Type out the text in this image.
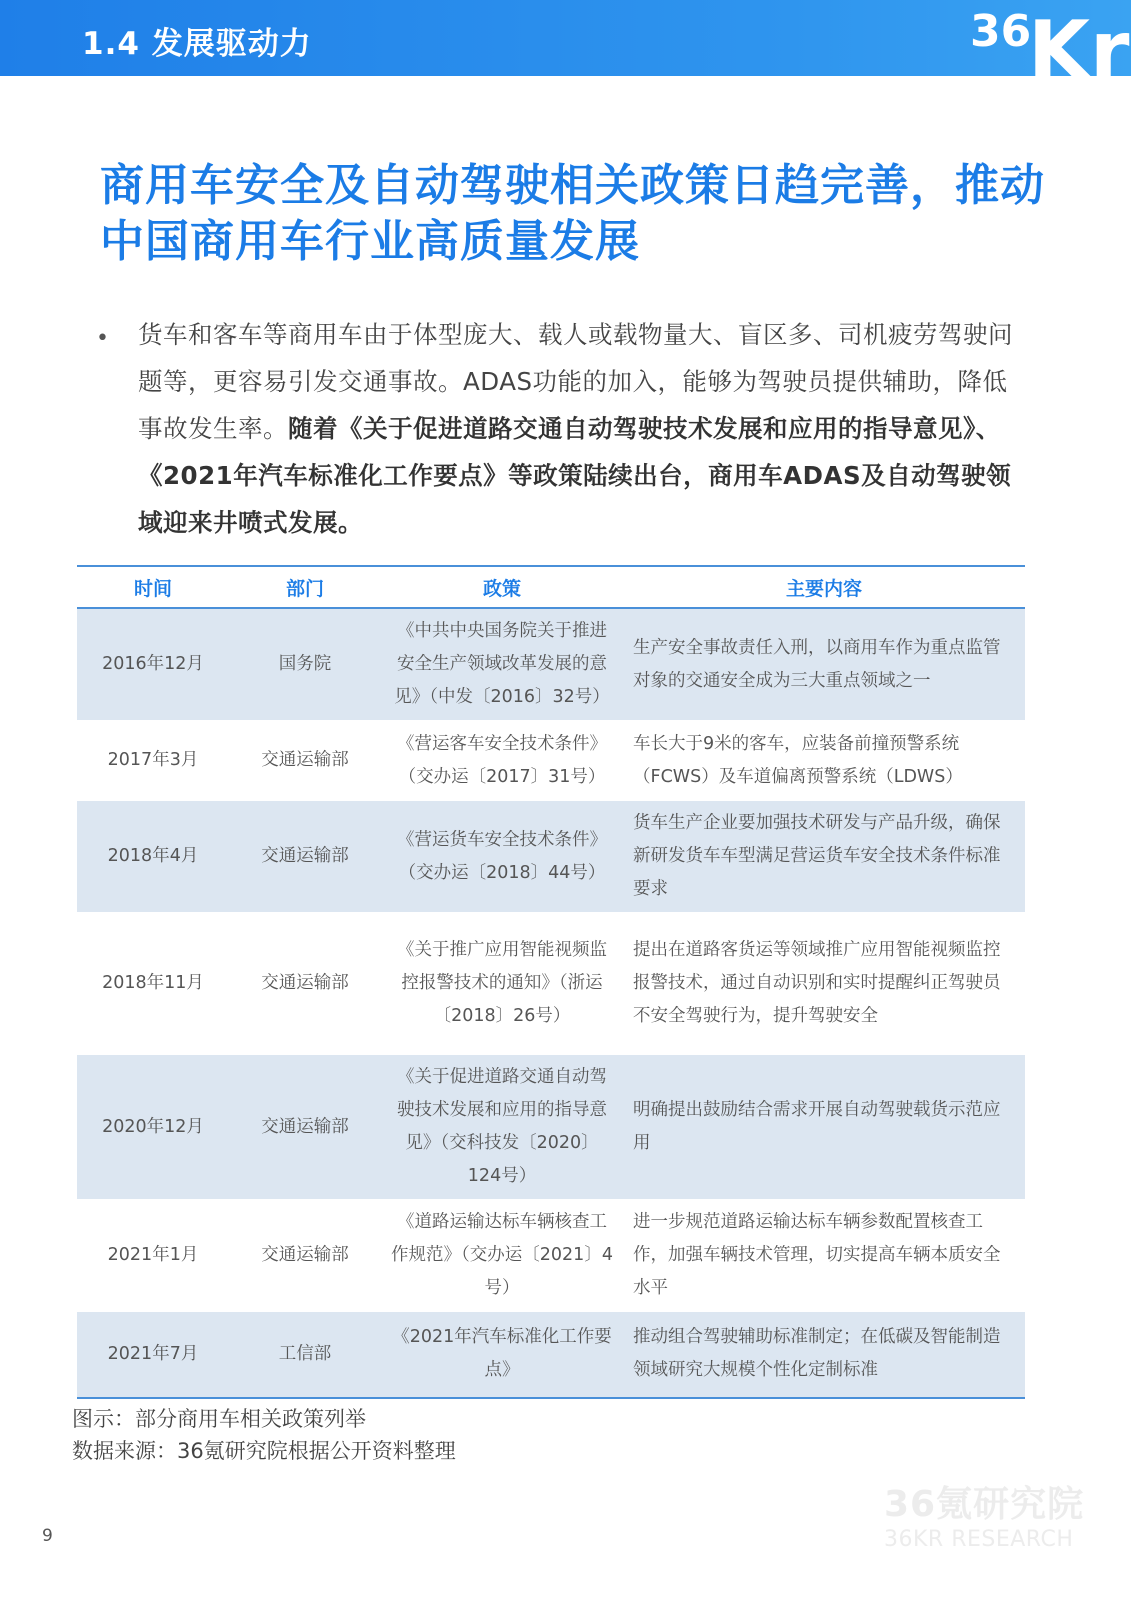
1.4 发展驱动力	36
Kr
商用车安全及自动驾驶相关政策日趋完善，推动中国商用车行业高质量发展
• 货车和客车等商用车由于体型庞大、载人或载物量大、盲区多、司机疲劳驾驶问题等，更容易引发交通事故。ADAS功能的加入，能够为驾驶员提供辅助，降低事故发生率。随着《关于促进道路交通自动驾驶技术发展和应用的指导意见》、《2021年汽车标准化工作要点》等政策陆续出台，商用车ADAS及自动驾驶领域迎来井喷式发展。
时间	部门	政策	主要内容
2016年12月	国务院	《中共中央国务院关于推进安全生产领域改革发展的意见》（中发〔2016〕32号）	生产安全事故责任入刑，以商用车作为重点监管对象的交通安全成为三大重点领域之一
2017年3月	交通运输部	《营运客车安全技术条件》（交办运〔2017〕31号）	车长大于9米的客车，应装备前撞预警系统（FCWS）及车道偏离预警系统（LDWS）
2018年4月	交通运输部	《营运货车安全技术条件》（交办运〔2018〕44号）	货车生产企业要加强技术研发与产品升级，确保新研发货车车型满足营运货车安全技术条件标准要求
2018年11月	交通运输部	《关于推广应用智能视频监控报警技术的通知》（浙运〔2018〕26号）	提出在道路客货运等领域推广应用智能视频监控报警技术，通过自动识别和实时提醒纠正驾驶员不安全驾驶行为，提升驾驶安全
2020年12月	交通运输部	《关于促进道路交通自动驾驶技术发展和应用的指导意见》（交科技发〔2020〕124号）	明确提出鼓励结合需求开展自动驾驶载货示范应用
2021年1月	交通运输部	《道路运输达标车辆核查工作规范》（交办运〔2021〕4号）	进一步规范道路运输达标车辆参数配置核查工作，加强车辆技术管理，切实提高车辆本质安全水平
2021年7月	工信部	《2021年汽车标准化工作要点》	推动组合驾驶辅助标准制定；在低碳及智能制造领域研究大规模个性化定制标准
图示：部分商用车相关政策列举
数据来源：36氪研究院根据公开资料整理
36氪研究院
36KR RESEARCH
9
